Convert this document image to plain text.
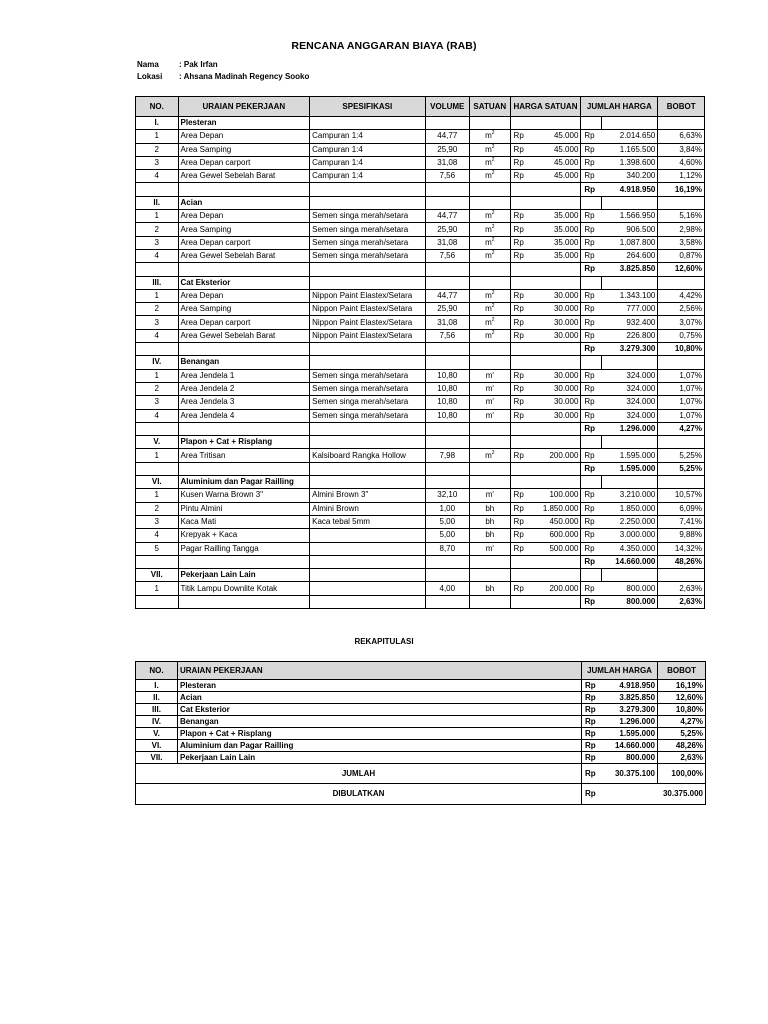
RENCANA ANGGARAN BIAYA (RAB)
Nama	: Pak Irfan
Lokasi : Ahsana Madinah Regency Sooko
NO.	URAIAN PEKERJAAN	SPESIFIKASI	VOLUME	SATUAN	HARGA SATUAN	JUMLAH HARGA		BOBOT
I.	Plesteran							
1	Area Depan	Campuran 1:4	44,77	$m^2$	Rp 45.000	Rp	2.014.650	6,63%
2	Area Samping	Campuran 1:4	25,90	$m^2$	Rp 45.000	Rp	1.165.500	3,84%
3	Area Depan carport	Campuran 1:4	31,08	$m^2$	Rp 45.000	Rp	1.398.600	4,60%
4	Area Gewel Sebelah Barat	Campuran 1:4	7,56	$m^2$	Rp 45.000	Rp	340.200	1,12%
						Rp	4.918.950	16,19%
II.	Acian							
1	Area Depan	Semen singa merah/setara	44,77	$m^2$	Rp 35.000	Rp	1.566.950	5,16%
2	Area Samping	Semen singa merah/setara	25,90	$m^2$	Rp 35.000	Rp	906.500	2,98%
3	Area Depan carport	Semen singa merah/setara	31,08	$m^2$	Rp 35.000	Rp	1.087.800	3,58%
4	Area Gewel Sebelah Barat	Semen singa merah/setara	7,56	$m^2$	Rp 35.000	Rp	264.600	0,87%
						Rp	3.825.850	12,60%
III.	Cat Eksterior							
1	Area Depan	Nippon Paint Elastex/Setara	44,77	$m^2$	Rp 30.000	Rp	1.343.100	4,42%
2	Area Samping	Nippon Paint Elastex/Setara	25,90	$m^2$	Rp 30.000	Rp	777.000	2,56%
3	Area Depan carport	Nippon Paint Elastex/Setara	31,08	$m^2$	Rp 30.000	Rp	932.400	3,07%
4	Area Gewel Sebelah Barat	Nippon Paint Elastex/Setara	7,56	$m^2$	Rp 30.000	Rp	226.800	0,75%
						Rp	3.279.300	10,80%
IV.	Benangan							
1	Area Jendela 1	Semen singa merah/setara	10,80	m'	Rp 30.000	Rp	324.000	1,07%
2	Area Jendela 2	Semen singa merah/setara	10,80	m'	Rp 30.000	Rp	324.000	1,07%
3	Area Jendela 3	Semen singa merah/setara	10,80	m'	Rp 30.000	Rp	324.000	1,07%
4	Area Jendela 4	Semen singa merah/setara	10,80	m'	Rp 30.000	Rp	324.000	1,07%
						Rp	1.296.000	4,27%
V.	Plapon + Cat + Risplang							
1	Area Tritisan	Kalsiboard Rangka Hollow	7,98	$m^2$	Rp 200.000	Rp	1.595.000	5,25%
						Rp	1.595.000	5,25%
VI.	Aluminium dan Pagar Railling							
1	Kusen Warna Brown 3"	Almini Brown 3"	32,10	m'	Rp 100.000	Rp	3.210.000	10,57%
2	Pintu Almini	Almini Brown	1,00	bh	Rp 1.850.000	Rp	1.850.000	6,09%
3	Kaca Mati	Kaca tebal 5mm	5,00	bh	Rp 450.000	Rp	2.250.000	7,41%
4	Krepyak + Kaca		5,00	bh	Rp 600.000	Rp	3.000.000	9,88%
5	Pagar Railling Tangga		8,70	m'	Rp 500.000	Rp	4.350.000	14,32%
						Rp	14.660.000	48,26%
VII.	Pekerjaan Lain Lain							
1	Titik Lampu Downlite Kotak		4,00	bh	Rp 200.000	Rp	800.000	2,63%
						Rp	800.000	2,63%
REKAPITULASI
NO.	URAIAN PEKERJAAN	JUMLAH HARGA		BOBOT
I.	Plesteran	Rp	4.918.950	16,19%
II.	Acian	Rp	3.825.850	12,60%
III.	Cat Eksterior	Rp	3.279.300	10,80%
IV.	Benangan	Rp	1.296.000	4,27%
V.	Plapon + Cat + Risplang	Rp	1.595.000	5,25%
VI.	Aluminium dan Pagar Railling	Rp	14.660.000	48,26%
VII.	Pekerjaan Lain Lain	Rp	800.000	2,63%
JUMLAH		Rp	30.375.100	100,00%
DIBULATKAN		Rp	30.375.000	
